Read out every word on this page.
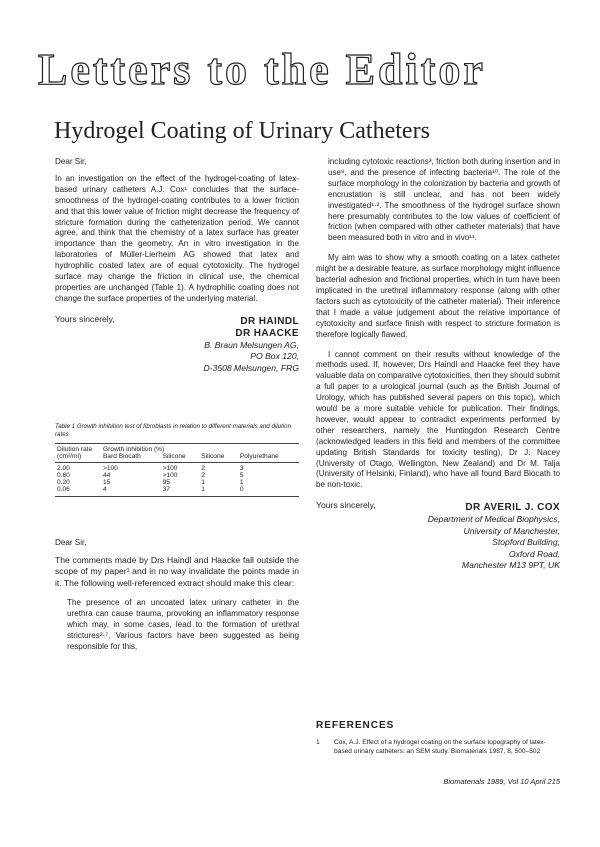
Letters to the Editor
Hydrogel Coating of Urinary Catheters

Dear Sir,

In an investigation on the effect of the hydrogel-coating of latex-based urinary catheters A.J. Cox¹ concludes that the surface-smoothness of the hydrogel-coating contributes to a lower friction and that this lower value of friction might decrease the frequency of stricture formation during the catheterization period. We cannot agree, and think that the chemistry of a latex surface has greater importance than the geometry. An in vitro investigation in the laboratories of Müller-Lierheim AG showed that latex and hydrophilic coated latex are of equal cytotoxicity. The hydrogel surface may change the friction in clinical use, the chemical properties are unchanged (Table 1). A hydrophilic coating does not change the surface properties of the underlying material.

Yours sincerely,	DR HAINDL
DR HAACKE
B. Braun Melsungen AG,
PO Box 120,
D-3508 Melsungen, FRG
Table 1 Growth inhibition test of fibroblasts in relation to different materials and dilution rates
Dilution rate (cm²/ml)	Growth inhibition (%)			
	Bard Biocath	Silicone	Silicone	Polyurethane

2.00	>100	>100	2	3
0.60	44	>100	2	5
0.20	15	95	1	1
0.06	4	37	1	0

Dear Sir,

The comments made by Drs Haindl and Haacke fall outside the scope of my paper¹ and in no way invalidate the points made in it. The following well-referenced extract should make this clear:

The presence of an uncoated latex urinary catheter in the urethra can cause trauma, provoking an inflammatory response which may, in some cases, lead to the formation of urethral strictures²·⁷. Various factors have been suggested as being responsible for this,

including cytotoxic reactions³, friction both during insertion and in use⁹, and the presence of infecting bacteria¹⁰. The role of the surface morphology in the colonization by bacteria and growth of encrustation is still unclear, and has not been widely investigated¹·². The smoothness of the hydrogel surface shown here presumably contributes to the low values of coefficient of friction (when compared with other catheter materials) that have been measured both in vitro and in vivo¹¹.

My aim was to show why a smooth coating on a latex catheter might be a desirable feature, as surface morphology might influence bacterial adhesion and frictional properties, which in turn have been implicated in the urethral inflammatory response (along with other factors such as cytotoxicity of the catheter material). Their inference that I made a value judgement about the relative importance of cytotoxicity and surface finish with respect to stricture formation is therefore logically flawed.

I cannot comment on their results without knowledge of the methods used. If, however, Drs Haindl and Haacke feel they have valuable data on comparative cytotoxicities, then they should submit a full paper to a urological journal (such as the British Journal of Urology, which has published several papers on this topic), which would be a more suitable vehicle for publication. Their findings, however, would appear to contradict experiments performed by other researchers, namely the Huntingdon Research Centre (acknowledged leaders in this field and members of the committee updating British Standards for toxicity testing), Dr J. Nacey (University of Otago, Wellington, New Zealand) and Dr M. Talja (University of Helsinki, Finland), who have all found Bard Biocath to be non-toxic.

Yours sincerely,	DR AVERIL J. COX
Department of Medical Biophysics,
University of Manchester,
Stopford Building,
Oxford Road,
Manchester M13 9PT, UK
REFERENCES
1	Cox, A.J. Effect of a hydrogel coating on the surface topography of latex-based urinary catheters: an SEM study. Biomaterials 1987, 8, 500–502
Biomaterials 1989, Vol 10 April 215
